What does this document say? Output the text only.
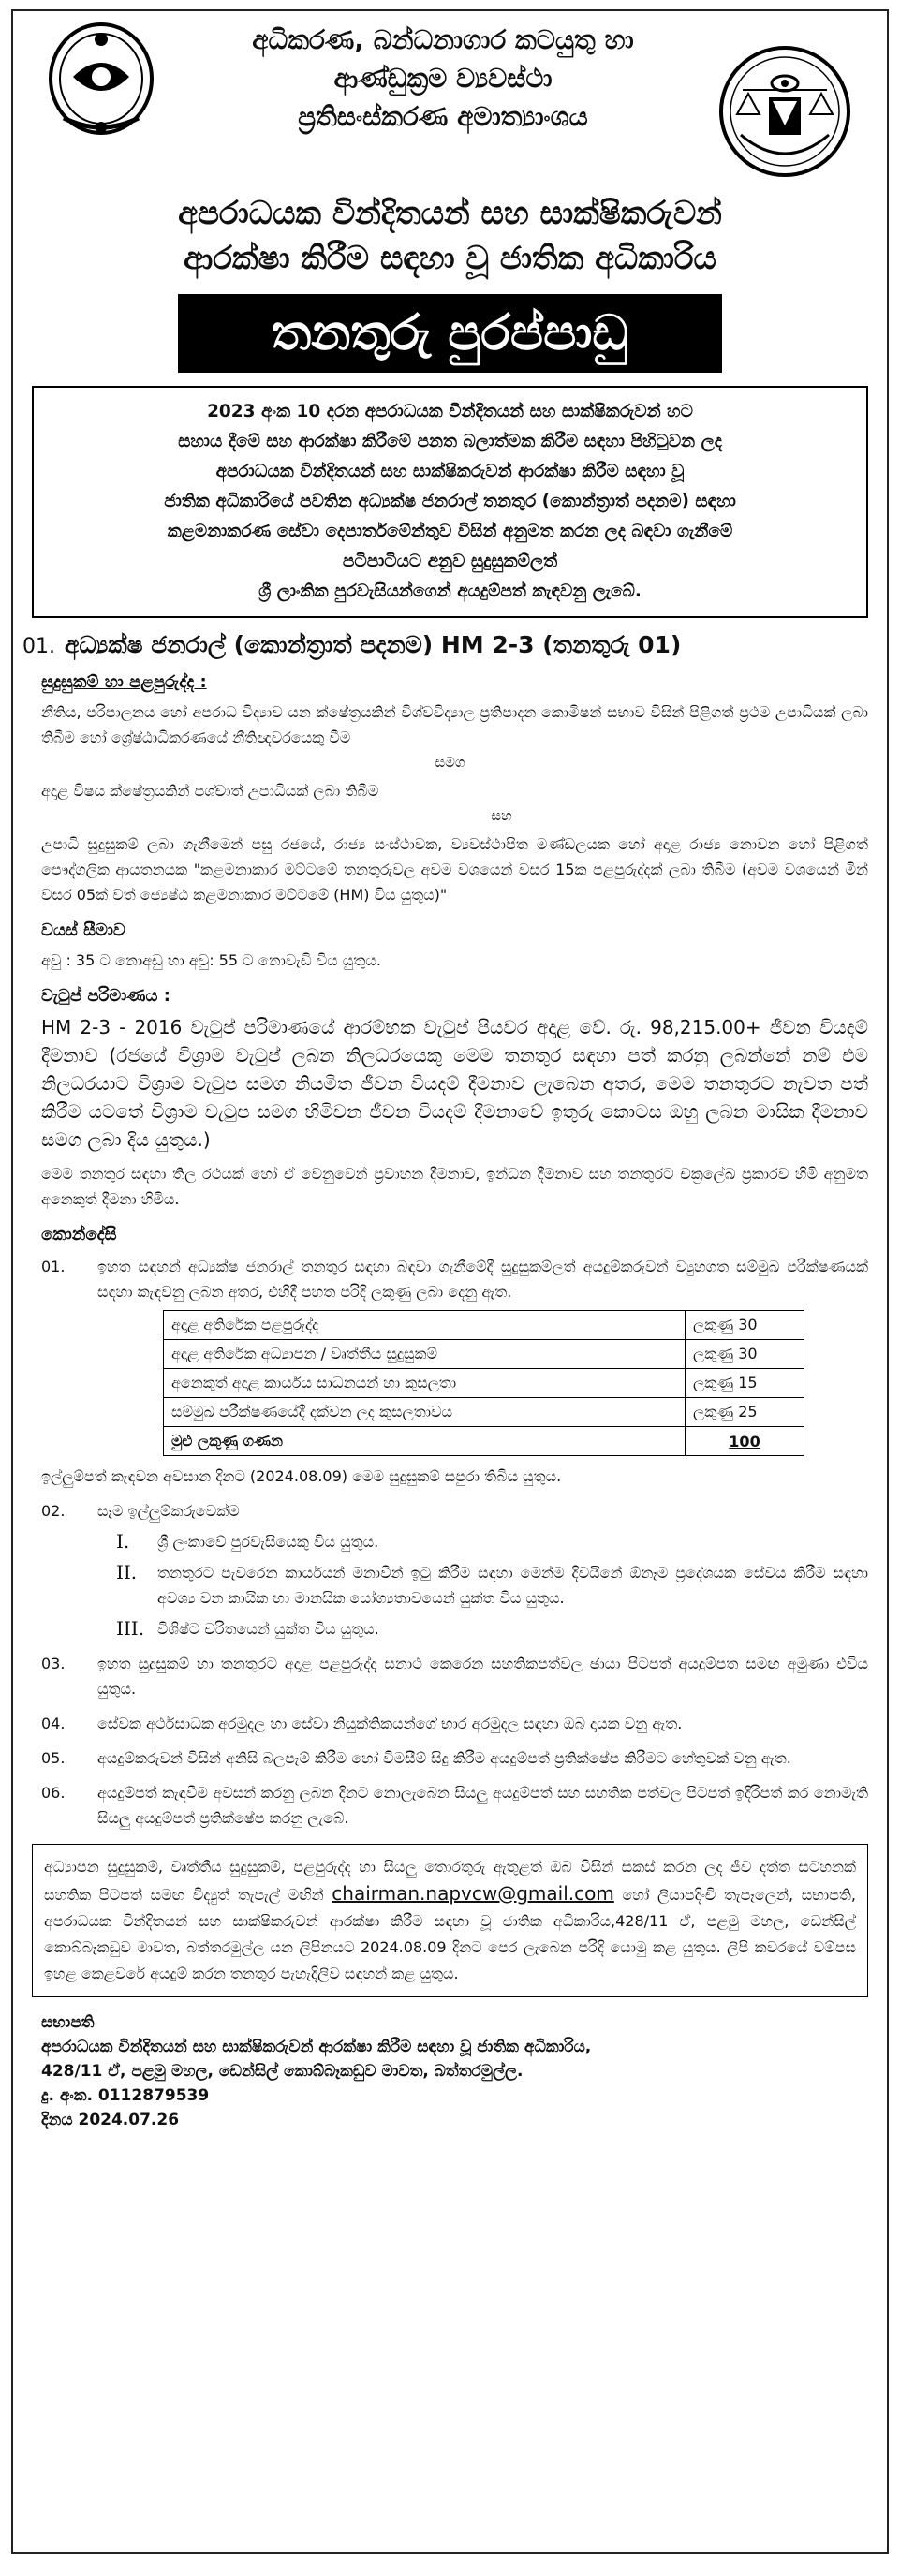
අධිකරණ, බන්ධනාගාර කටයුතු හා
ආණ්ඩුක්‍රම ව්‍යවස්ථා
ප්‍රතිසංස්කරණ අමාත්‍යාංශය
අපරාධයක වින්දිතයන් සහ සාක්ෂිකරුවන්
ආරක්ෂා කිරීම සඳහා වූ ජාතික අධිකාරිය
තනතුරු පුරප්පාඩු
2023 අංක 10 දරන අපරාධයක වින්දිතයන් සහ සාක්ෂිකරුවන් හට
සහාය දීමේ සහ ආරක්ෂා කිරීමේ පනත බලාත්මක කිරීම සඳහා පිහිටුවන ලද
අපරාධයක වින්දිතයන් සහ සාක්ෂිකරුවන් ආරක්ෂා කිරීම සඳහා වූ
ජාතික අධිකාරියේ පවතින අධ්‍යක්ෂ ජනරාල් තනතුර (කොන්ත්‍රාත් පදනම) සඳහා
කළමනාකරණ සේවා දෙපාර්තමේන්තුව විසින් අනුමත කරන ලද බඳවා ගැනීමේ
පටිපාටියට අනුව සුදුසුකම්ලත්
ශ්‍රී ලාංකික පුරවැසියන්ගෙන් අයදුම්පත් කැඳවනු ලැබේ.
01. අධ්‍යක්ෂ ජනරාල් (කොන්ත්‍රාත් පදනම) HM 2-3 (තනතුරු 01)
සුදුසුකම් හා පළපුරුද්ද :
නීතිය, පරිපාලනය හෝ අපරාධ විද්‍යාව යන ක්ෂේත්‍රයකින් විශ්වවිද්‍යාල ප්‍රතිපාදන කොමිෂන් සභාව විසින් පිළිගත් ප්‍රථම උපාධියක් ලබා තිබීම හෝ ශ්‍රේෂ්ඨාධිකරණයේ නීතිඥවරයෙකු වීම
සමග
අදාළ විෂය ක්ෂේත්‍රයකින් පශ්චාත් උපාධියක් ලබා තිබීම
සහ
උපාධි සුදුසුකම් ලබා ගැනීමෙන් පසු රජයේ, රාජ්‍ය සංස්ථාවක, ව්‍යවස්ථාපිත මණ්ඩලයක හෝ අදාළ රාජ්‍ය නොවන හෝ පිළිගත් පෞද්ගලික ආයතනයක "කළමනාකාර මට්ටමේ තනතුරුවල අවම වශයෙන් වසර 15ක පළපුරුද්දක් ලබා තිබීම (අවම වශයෙන් මින් වසර 05ක් වත් ජ්‍යෙෂ්ඨ කළමනාකාර මට්ටමේ (HM) විය යුතුය)"
වයස් සීමාව
අවු : 35 ට නොඅඩු හා අවු: 55 ට නොවැඩි විය යුතුය.
වැටුප් පරිමාණය :
HM 2-3 - 2016 වැටුප් පරිමාණයේ ආරම්භක වැටුප් පියවර අදාළ වේ. රු. 98,215.00+ ජීවන වියදම් දීමනාව (රජයේ විශ්‍රාම වැටුප් ලබන නිලධරයෙකු මෙම තනතුර සඳහා පත් කරනු ලබන්නේ නම් එම නිලධරයාට විශ්‍රාම වැටුප සමග නියමිත ජීවන වියදම් දීමනාව ලැබෙන අතර, මෙම තනතුරට නැවත පත් කිරීම යටතේ විශ්‍රාම වැටුප සමග හිමිවන ජීවන වියදම් දීමනාවේ ඉතුරු කොටස ඔහු ලබන මාසික දීමනාව සමග ලබා දිය යුතුය.)
මෙම තනතුර සඳහා තිල රථයක් හෝ ඒ වෙනුවෙන් ප්‍රවාහන දීමනාව, ඉන්ධන දීමනාව සහ තනතුරට චක්‍රලේඛ ප්‍රකාරව හිමි අනුමත අනෙකුත් දීමනා හිමිය.
කොන්දේසි
01.	ඉහත සඳහන් අධ්‍යක්ෂ ජනරාල් තනතුර සඳහා බඳවා ගැනීමේදී සුදුසුකම්ලත් අයදුම්කරුවන් ව්‍යුහගත සම්මුඛ පරීක්ෂණයක් සඳහා කැඳවනු ලබන අතර, එහිදී පහත පරිදි ලකුණු ලබා දෙනු ඇත.
අදාළ අතිරේක පළපුරුද්ද	ලකුණු 30
අදාළ අතිරේක අධ්‍යාපන / වෘත්තීය සුදුසුකම්	ලකුණු 30
අනෙකුත් අදාළ කාර්යය සාධනයන් හා කුසලතා	ලකුණු 15
සම්මුඛ පරීක්ෂණයේදී දක්වන ලද කුසලතාවය	ලකුණු 25
මුළු ලකුණු ගණන	100
ඉල්ලුම්පත් කැඳවන අවසාන දිනට (2024.08.09) මෙම සුදුසුකම් සපුරා තිබිය යුතුය.
02.	සෑම ඉල්ලුම්කරුවෙක්ම
I.	ශ්‍රී ලංකාවේ පුරවැසියෙකු විය යුතුය.
II.	තනතුරට පැවරෙන කාර්යයන් මනාවින් ඉටු කිරීම සඳහා මෙන්ම දිවයිනේ ඕනෑම ප්‍රදේශයක සේවය කිරීම සඳහා අවශ්‍ය වන කායික හා මානසික යෝග්‍යතාවයෙන් යුක්ත විය යුතුය.
III. විශිෂ්ට චරිතයෙන් යුක්ත විය යුතුය.
03.	ඉහත සුදුසුකම් හා තනතුරට අදාළ පළපුරුද්ද සනාථ කෙරෙන සහතිකපත්වල ඡායා පිටපත් අයදුම්පත සමඟ අමුණා එවිය යුතුය.
04.	සේවක අර්ථසාධක අරමුදල හා සේවා නියුක්තිකයන්ගේ භාර අරමුදල සඳහා ඔබ දායක වනු ඇත.
05.	අයදුම්කරුවන් විසින් අනිසි බලපෑම් කිරීම හෝ විමසීම් සිදු කිරීම අයදුම්පත් ප්‍රතික්ෂේප කිරීමට හේතුවක් වනු ඇත.
06.	අයදුම්පත් කැඳවීම අවසන් කරනු ලබන දිනට නොලැබෙන සියලු අයදුම්පත් සහ සහතික පත්වල පිටපත් ඉදිරිපත් කර නොමැති සියලු අයදුම්පත් ප්‍රතික්ෂේප කරනු ලැබේ.
අධ්‍යාපන සුදුසුකම්, වෘත්තීය සුදුසුකම්, පළපුරුද්ද හා සියලු තොරතුරු ඇතුළත් ඔබ විසින් සකස් කරන ලද ජීව දත්ත සටහනක් සහතික පිටපත් සමඟ විද්‍යුත් තැපැල් මඟින් chairman.napvcw@gmail.com හෝ ලියාපදිංචි තැපෑලෙන්, සභාපති, අපරාධයක වින්දිතයන් සහ සාක්ෂිකරුවන් ආරක්ෂා කිරීම සඳහා වූ ජාතික අධිකාරිය,428/11 ඒ, පළමු මහල, ඩෙන්සිල් කොබ්බෑකඩුව මාවත, බත්තරමුල්ල යන ලිපිනයට 2024.08.09 දිනට පෙර ලැබෙන පරිදි යොමු කළ යුතුය. ලිපි කවරයේ වම්පස ඉහළ කෙළවරේ අයදුම් කරන තනතුර පැහැදිලිව සඳහන් කළ යුතුය.
සභාපති
අපරාධයක වින්දිතයන් සහ සාක්ෂිකරුවන් ආරක්ෂා කිරීම සඳහා වූ ජාතික අධිකාරිය,
428/11 ඒ, පළමු මහල, ඩෙන්සිල් කොබ්බෑකඩුව මාවත, බත්තරමුල්ල.
දු. අංක. 0112879539
දිනය 2024.07.26
